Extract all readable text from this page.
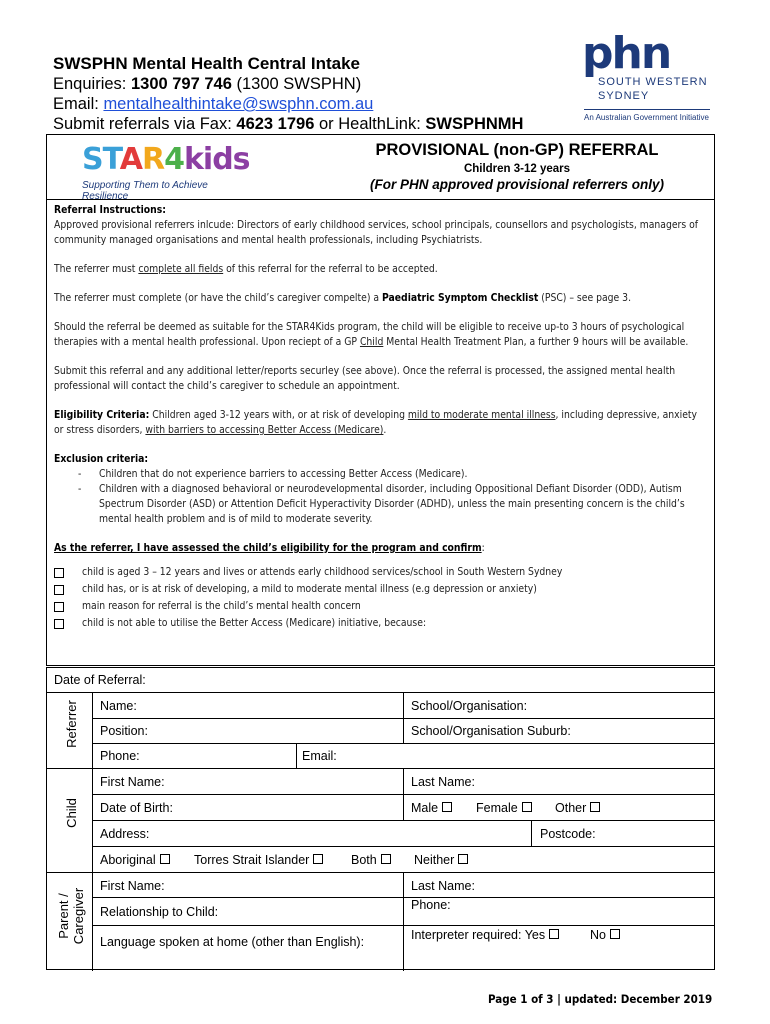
SWSPHN Mental Health Central Intake
Enquiries: 1300 797 746 (1300 SWSPHN)
Email: mentalhealthintake@swsphn.com.au
Submit referrals via Fax: 4623 1796 or HealthLink: SWSPHNMH
phn
SOUTH WESTERN
SYDNEY
An Australian Government Initiative
STAR4kids
Supporting Them to Achieve Resilience
PROVISIONAL (non-GP) REFERRAL
Children 3-12 years
(For PHN approved provisional referrers only)
Referral Instructions:

Approved provisional referrers inlcude: Directors of early childhood services, school principals, counsellors and psychologists, managers of community managed organisations and mental health professionals, including Psychiatrists.

The referrer must complete all fields of this referral for the referral to be accepted.

The referrer must complete (or have the child’s caregiver compelte) a Paediatric Symptom Checklist (PSC) – see page 3.

Should the referral be deemed as suitable for the STAR4Kids program, the child will be eligible to receive up-to 3 hours of psychological therapies with a mental health professional. Upon reciept of a GP Child Mental Health Treatment Plan, a further 9 hours will be available.

Submit this referral and any additional letter/reports securley (see above). Once the referral is processed, the assigned mental health professional will contact the child’s caregiver to schedule an appointment.

Eligibility Criteria: Children aged 3-12 years with, or at risk of developing mild to moderate mental illness, including depressive, anxiety or stress disorders, with barriers to accessing Better Access (Medicare).

Exclusion criteria:
- Children that do not experience barriers to accessing Better Access (Medicare).
- Children with a diagnosed behavioral or neurodevelopmental disorder, including Oppositional Defiant Disorder (ODD), Autism Spectrum Disorder (ASD) or Attention Deficit Hyperactivity Disorder (ADHD), unless the main presenting concern is the child’s mental health problem and is of mild to moderate severity.
As the referrer, I have assessed the child’s eligibility for the program and confirm:
child is aged 3 – 12 years and lives or attends early childhood services/school in South Western Sydney
child has, or is at risk of developing, a mild to moderate mental illness (e.g depression or anxiety)
main reason for referral is the child’s mental health concern
child is not able to utilise the Better Access (Medicare) initiative, because:
Date of Referral:
Referrer
Child
Parent / Caregiver
Name:	School/Organisation:
Position:	School/Organisation Suburb:
Phone:	Email:
First Name:	Last Name:
Date of Birth:	Male	Female	Other
Address:	Postcode:
Aboriginal	Torres Strait Islander	Both	Neither
First Name:	Last Name:
Relationship to Child:	Phone:
Language spoken at home (other than English):	Interpreter required: Yes	No
Page 1 of 3 | updated: December 2019
